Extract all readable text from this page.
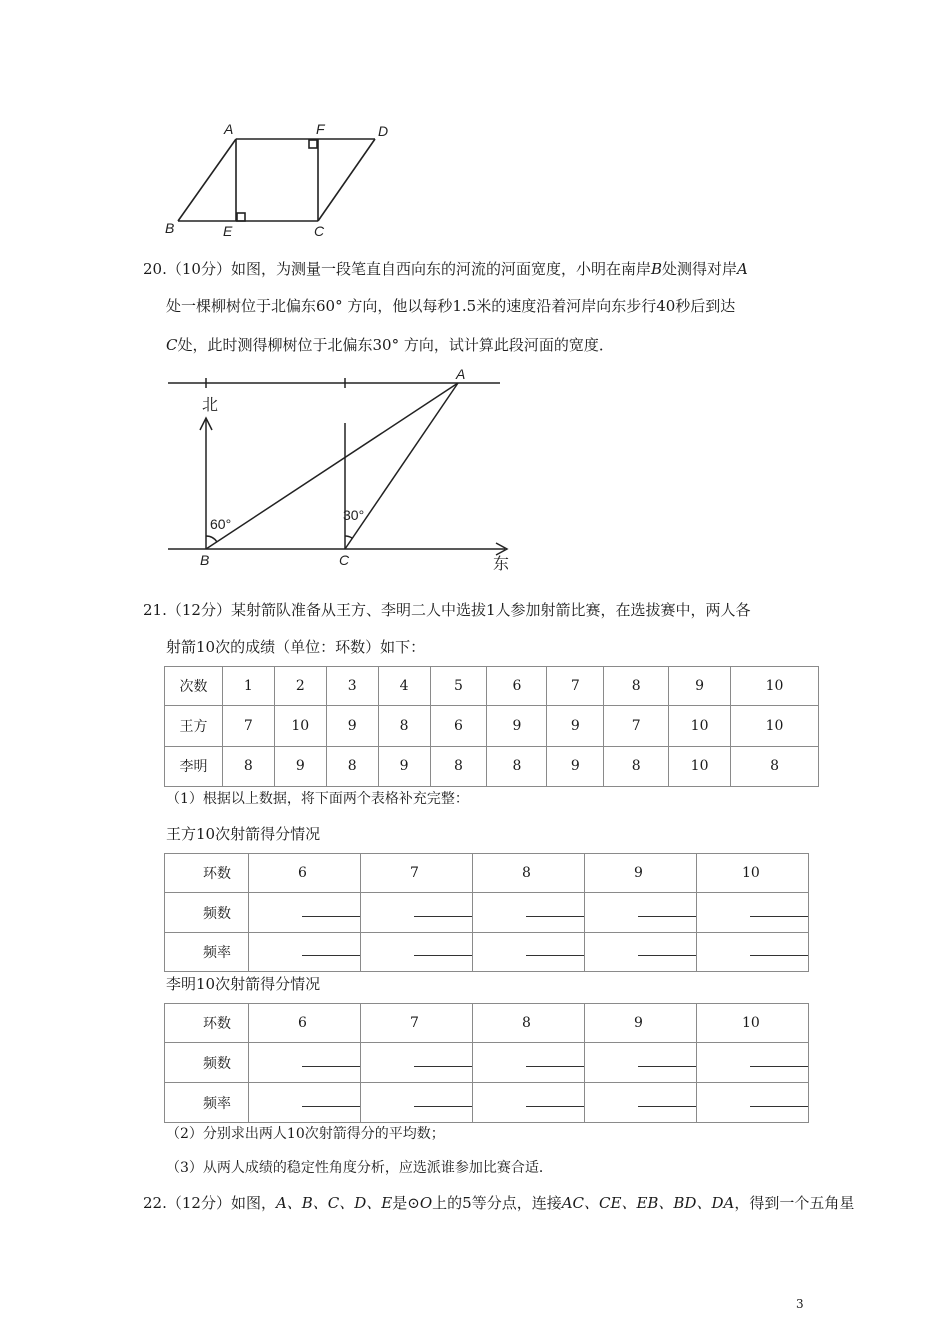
A	F	D
B	E	C
20.（10分）如图，为测量一段笔直自西向东的河流的河面宽度，小明在南岸B处测得对岸A
处一棵柳树位于北偏东60° 方向，他以每秒1.5米的速度沿着河岸向东步行40秒后到达
C处，此时测得柳树位于北偏东30° 方向，试计算此段河面的宽度．
北
东
60°
30°
A
B	C
21.（12分）某射箭队准备从王方、李明二人中选拔1人参加射箭比赛，在选拔赛中，两人各
射箭10次的成绩（单位：环数）如下：
次数	1	2	3	4	5	6	7	8	9	10
王方	7	10	9	8	6	9	9	7	10	10
李明	8	9	8	9	8	8	9	8	10	8
（1）根据以上数据，将下面两个表格补充完整：
王方10次射箭得分情况
环数	6	7	8	9	10
频数					
频率					
李明10次射箭得分情况
环数	6	7	8	9	10
频数					
频率					
（2）分别求出两人10次射箭得分的平均数；
（3）从两人成绩的稳定性角度分析，应选派谁参加比赛合适．
22.（12分）如图，A、B、C、D、E是⊙O上的5等分点，连接AC、CE、EB、BD、DA，得到一个五角星
3
